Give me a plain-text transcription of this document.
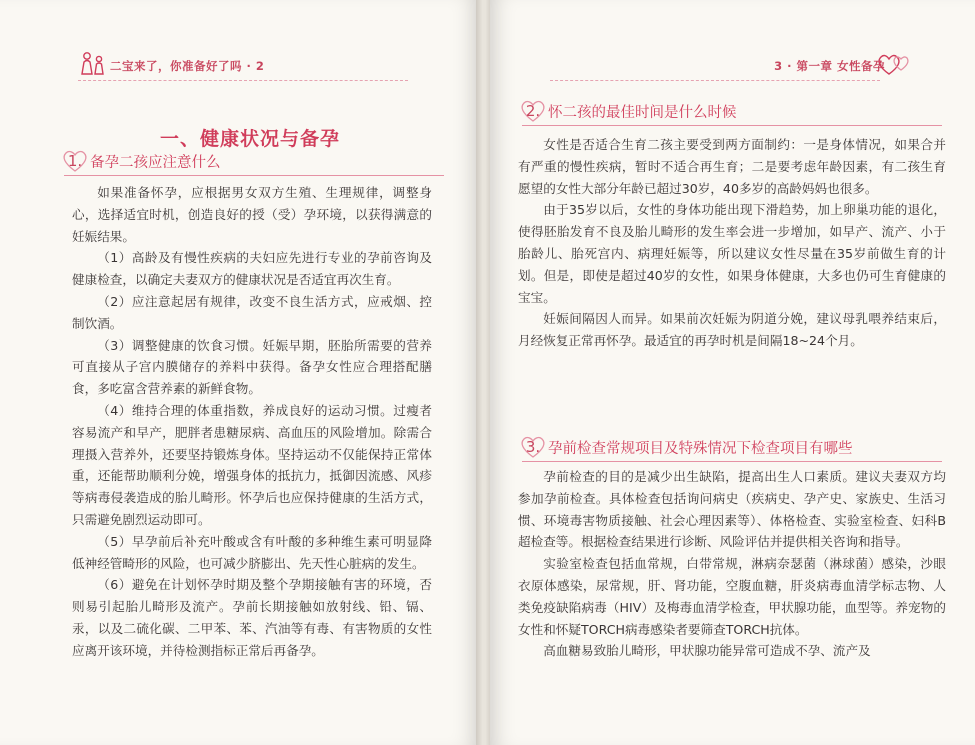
二宝来了，你准备好了吗 · 2
一、健康状况与备孕
1. 备孕二孩应注意什么

如果准备怀孕，应根据男女双方生殖、生理规律，调整身心，选择适宜时机，创造良好的授（受）孕环境，以获得满意的妊娠结果。

（1）高龄及有慢性疾病的夫妇应先进行专业的孕前咨询及健康检查，以确定夫妻双方的健康状况是否适宜再次生育。

（2）应注意起居有规律，改变不良生活方式，应戒烟、控制饮酒。

（3）调整健康的饮食习惯。妊娠早期，胚胎所需要的营养可直接从子宫内膜储存的养料中获得。备孕女性应合理搭配膳食，多吃富含营养素的新鲜食物。

（4）维持合理的体重指数，养成良好的运动习惯。过瘦者容易流产和早产，肥胖者患糖尿病、高血压的风险增加。除需合理摄入营养外，还要坚持锻炼身体。坚持运动不仅能保持正常体重，还能帮助顺利分娩，增强身体的抵抗力，抵御因流感、风疹等病毒侵袭造成的胎儿畸形。怀孕后也应保持健康的生活方式，只需避免剧烈运动即可。

（5）早孕前后补充叶酸或含有叶酸的多种维生素可明显降低神经管畸形的风险，也可减少脐膨出、先天性心脏病的发生。

（6）避免在计划怀孕时期及整个孕期接触有害的环境，否则易引起胎儿畸形及流产。孕前长期接触如放射线、铅、镉、汞，以及二硫化碳、二甲苯、苯、汽油等有毒、有害物质的女性应离开该环境，并待检测指标正常后再备孕。

3 · 第一章 女性备孕
2. 怀二孩的最佳时间是什么时候

女性是否适合生育二孩主要受到两方面制约：一是身体情况，如果合并有严重的慢性疾病，暂时不适合再生育；二是要考虑年龄因素，有二孩生育愿望的女性大部分年龄已超过30岁，40多岁的高龄妈妈也很多。

由于35岁以后，女性的身体功能出现下滑趋势，加上卵巢功能的退化，使得胚胎发育不良及胎儿畸形的发生率会进一步增加，如早产、流产、小于胎龄儿、胎死宫内、病理妊娠等，所以建议女性尽量在35岁前做生育的计划。但是，即使是超过40岁的女性，如果身体健康，大多也仍可生育健康的宝宝。

妊娠间隔因人而异。如果前次妊娠为阴道分娩，建议母乳喂养结束后，月经恢复正常再怀孕。最适宜的再孕时机是间隔18~24个月。

3. 孕前检查常规项目及特殊情况下检查项目有哪些

孕前检查的目的是减少出生缺陷，提高出生人口素质。建议夫妻双方均参加孕前检查。具体检查包括询问病史（疾病史、孕产史、家族史、生活习惯、环境毒害物质接触、社会心理因素等）、体格检查、实验室检查、妇科B超检查等。根据检查结果进行诊断、风险评估并提供相关咨询和指导。

实验室检查包括血常规，白带常规，淋病奈瑟菌（淋球菌）感染，沙眼衣原体感染，尿常规，肝、肾功能，空腹血糖，肝炎病毒血清学标志物、人类免疫缺陷病毒（HIV）及梅毒血清学检查，甲状腺功能，血型等。养宠物的女性和怀疑TORCH病毒感染者要筛查TORCH抗体。

高血糖易致胎儿畸形，甲状腺功能异常可造成不孕、流产及
